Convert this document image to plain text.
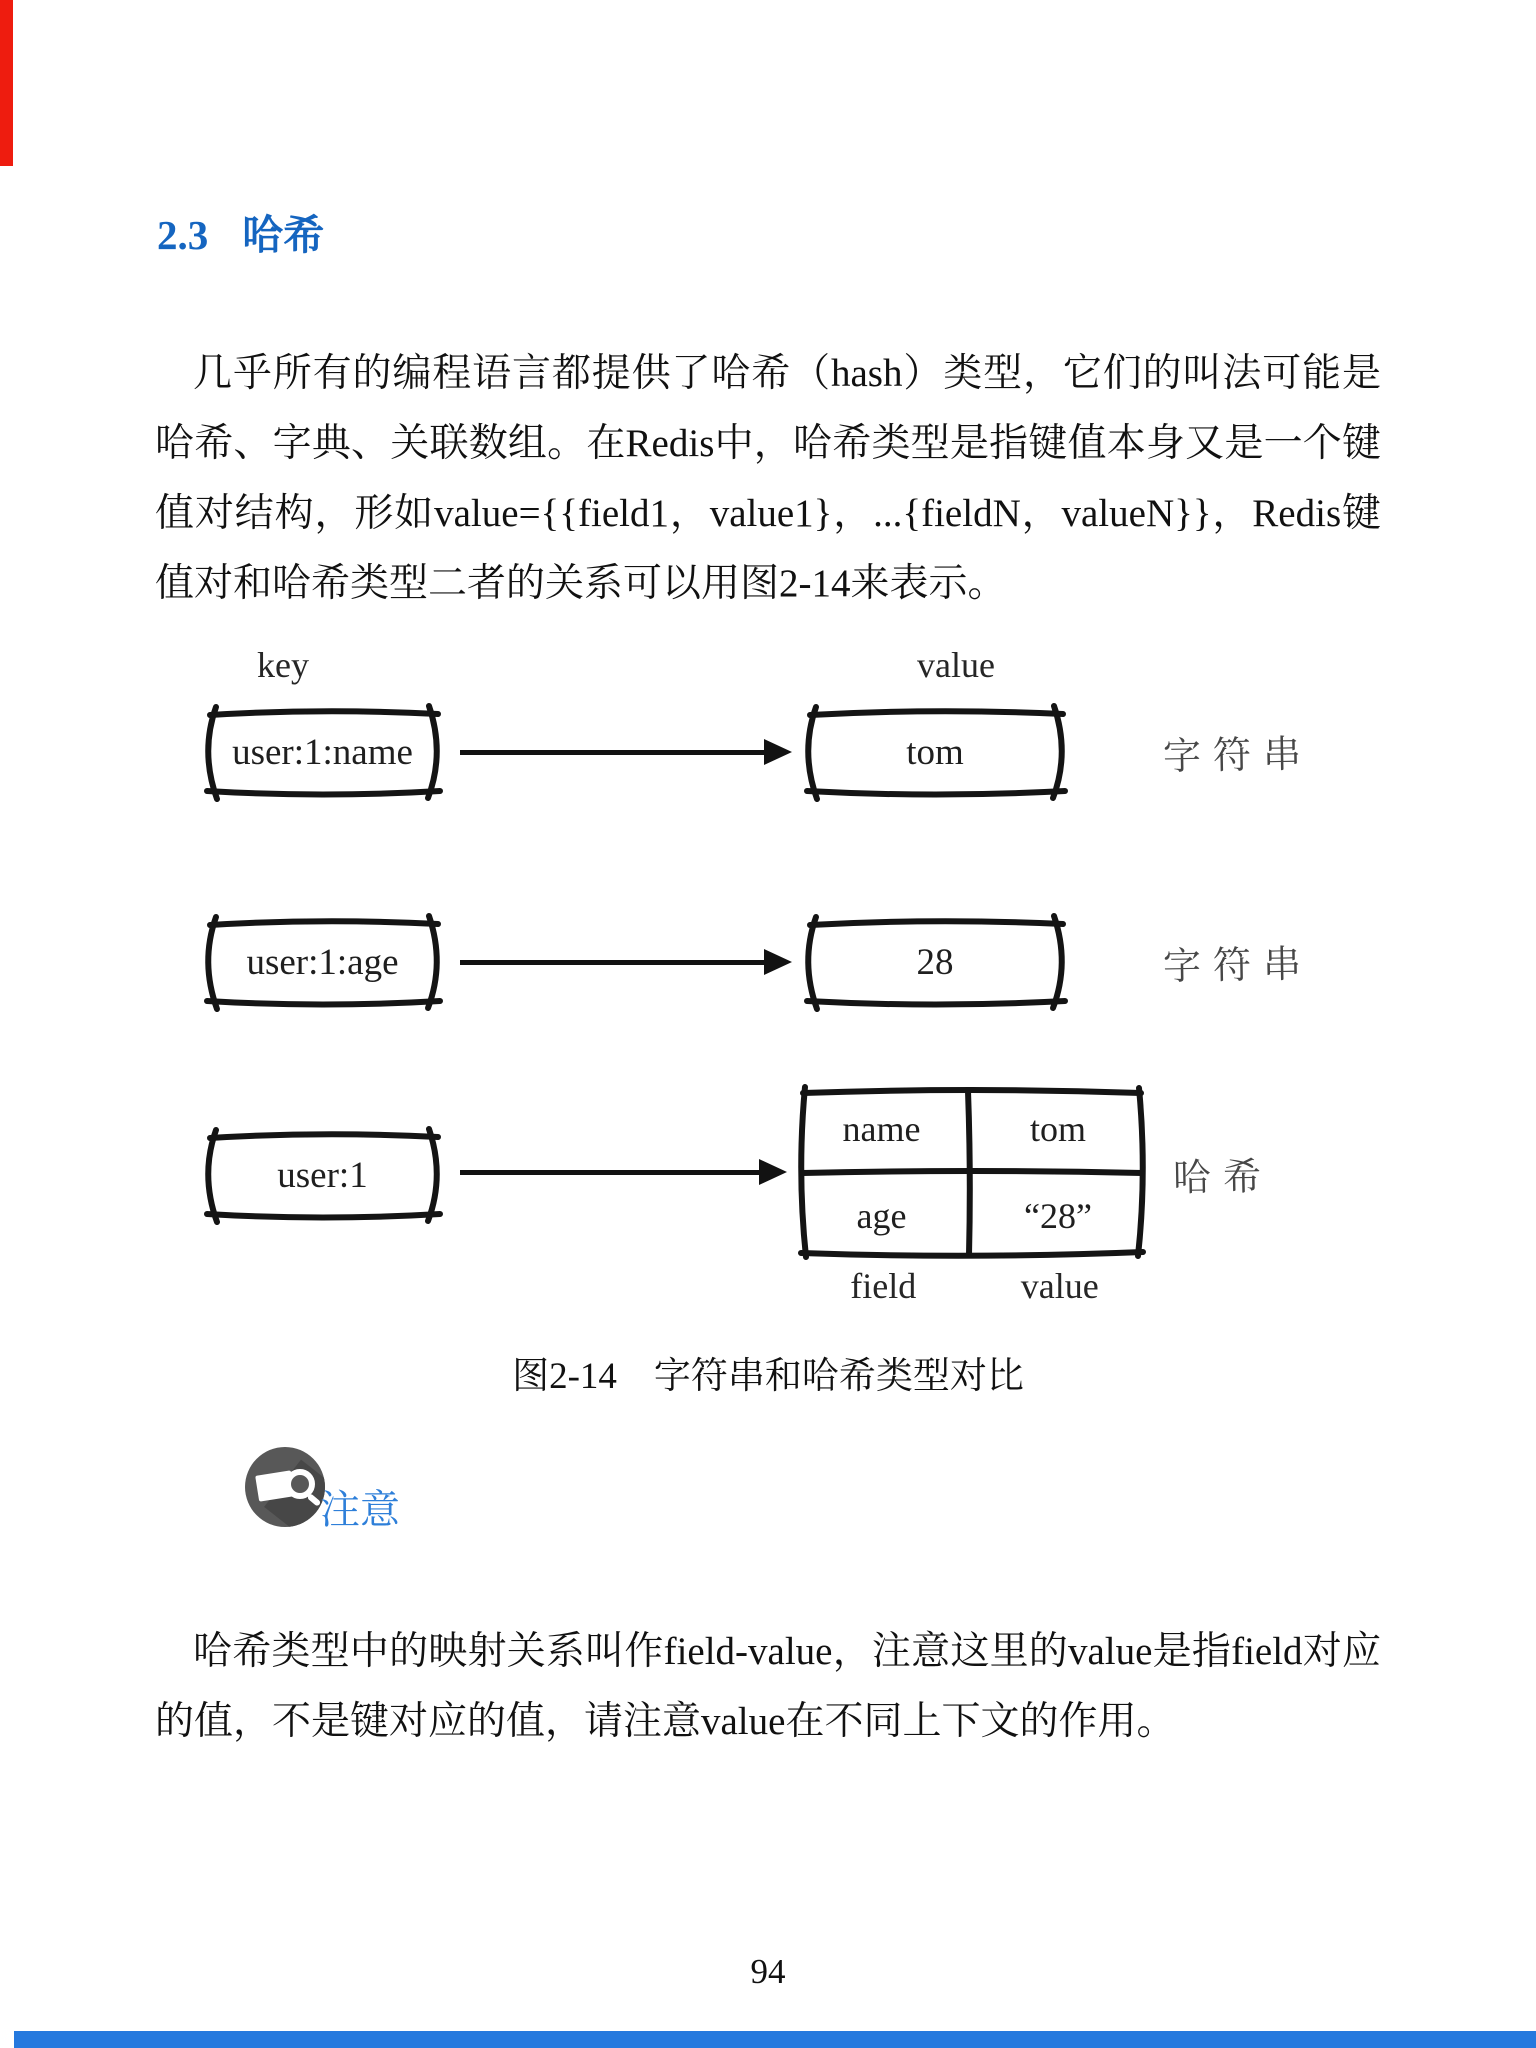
2.3 哈希

几乎所有的编程语言都提供了哈希（hash）类型，它们的叫法可能是哈希、字典、关联数组。在Redis中，哈希类型是指键值本身又是一个键值对结构，形如value={{field1，value1}，...{fieldN，valueN}}，Redis键值对和哈希类型二者的关系可以用图2-14来表示。

key	value
user:1:name	tom	字符串
user:1:age	28	字符串
user:1
name	tom
age	“28”
哈希
field	value
图2-14　字符串和哈希类型对比
注意

哈希类型中的映射关系叫作field-value，注意这里的value是指field对应的值，不是键对应的值，请注意value在不同上下文的作用。

94
